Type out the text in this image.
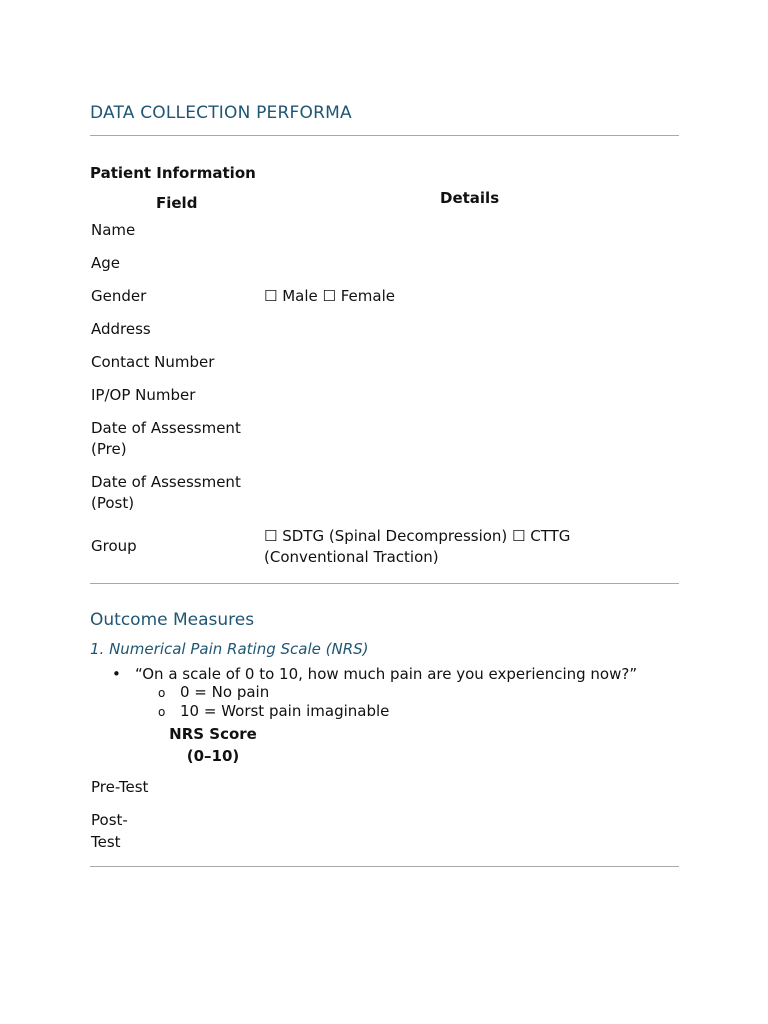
DATA COLLECTION PERFORMA
Patient Information
Field	Details
Name
Age
Gender	☐ Male ☐ Female
Address
Contact Number
IP/OP Number
Date of Assessment
(Pre)
Date of Assessment
(Post)
Group
☐ SDTG (Spinal Decompression) ☐ CTTG
(Conventional Traction)
Outcome Measures
1. Numerical Pain Rating Scale (NRS)
• “On a scale of 0 to 10, how much pain are you experiencing now?”
o 0 = No pain
o 10 = Worst pain imaginable
NRS Score
(0–10)
Pre-Test
Post-
Test
